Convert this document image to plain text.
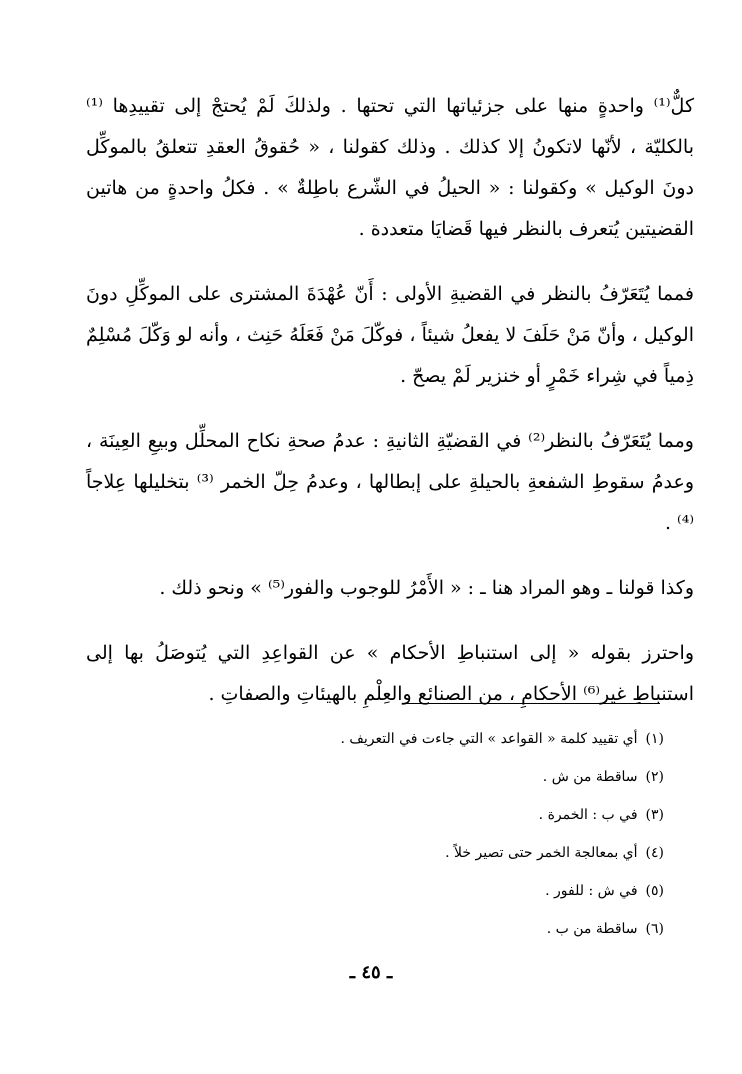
كلٌّ⁽¹⁾ واحدةٍ منها على جزئياتها التي تحتها . ولذلكَ لَمْ يُحتجْ إلى تقييدِها ⁽¹⁾ بالكليّة ، لأنّها لاتكونُ إلا كذلك . وذلك كقولنا ، « حُقوقُ العقدِ تتعلقُ بالموكِّل دونَ الوكيل » وكقولنا : « الحيلُ في الشّرع باطِلةٌ » . فكلُ واحدةٍ من هاتين القضيتين يُتعرف بالنظر فيها قَضايَا متعددة .

فمما يُتَعَرّفُ بالنظر في القضيةِ الأولى : أَنّ عُهْدَةَ المشترى على الموكِّلِ دونَ الوكيل ، وأنّ مَنْ حَلَفَ لا يفعلُ شيئاً ، فوكّلَ مَنْ فَعَلَهُ حَنِث ، وأنه لو وَكّلَ مُسْلِمٌ ذِمياً في شِراء خَمْرٍ أو خنزير لَمْ يصحّ .

ومما يُتَعَرّفُ بالنظر⁽²⁾ في القضيّةِ الثانيةِ : عدمُ صحةِ نكاح المحلِّل وبيعِ العِينَة ، وعدمُ سقوطِ الشفعةِ بالحيلةِ على إبطالها ، وعدمُ حِلّ الخمر ⁽³⁾ بتخليلها عِلاجاً ⁽⁴⁾ .

وكذا قولنا ـ وهو المراد هنا ـ : « الأَمْرُ للوجوب والفور⁽⁵⁾ » ونحو ذلك .

واحترز بقوله « إلى استنباطِ الأحكام » عن القواعِدِ التي يُتوصَلُ بها إلى استنباطِ غير⁽⁶⁾ الأحكامِ ، من الصنائع والعِلْمِ بالهيئاتِ والصفاتِ .

(١)أي تقييد كلمة « القواعد » التي جاءت في التعريف .
(٢)ساقطة من ش .
(٣)في ب : الخمرة .
(٤)أي بمعالجة الخمر حتى تصير خلاً .
(٥)في ش : للفور .
(٦)ساقطة من ب .
ـ ٤٥ ـ
